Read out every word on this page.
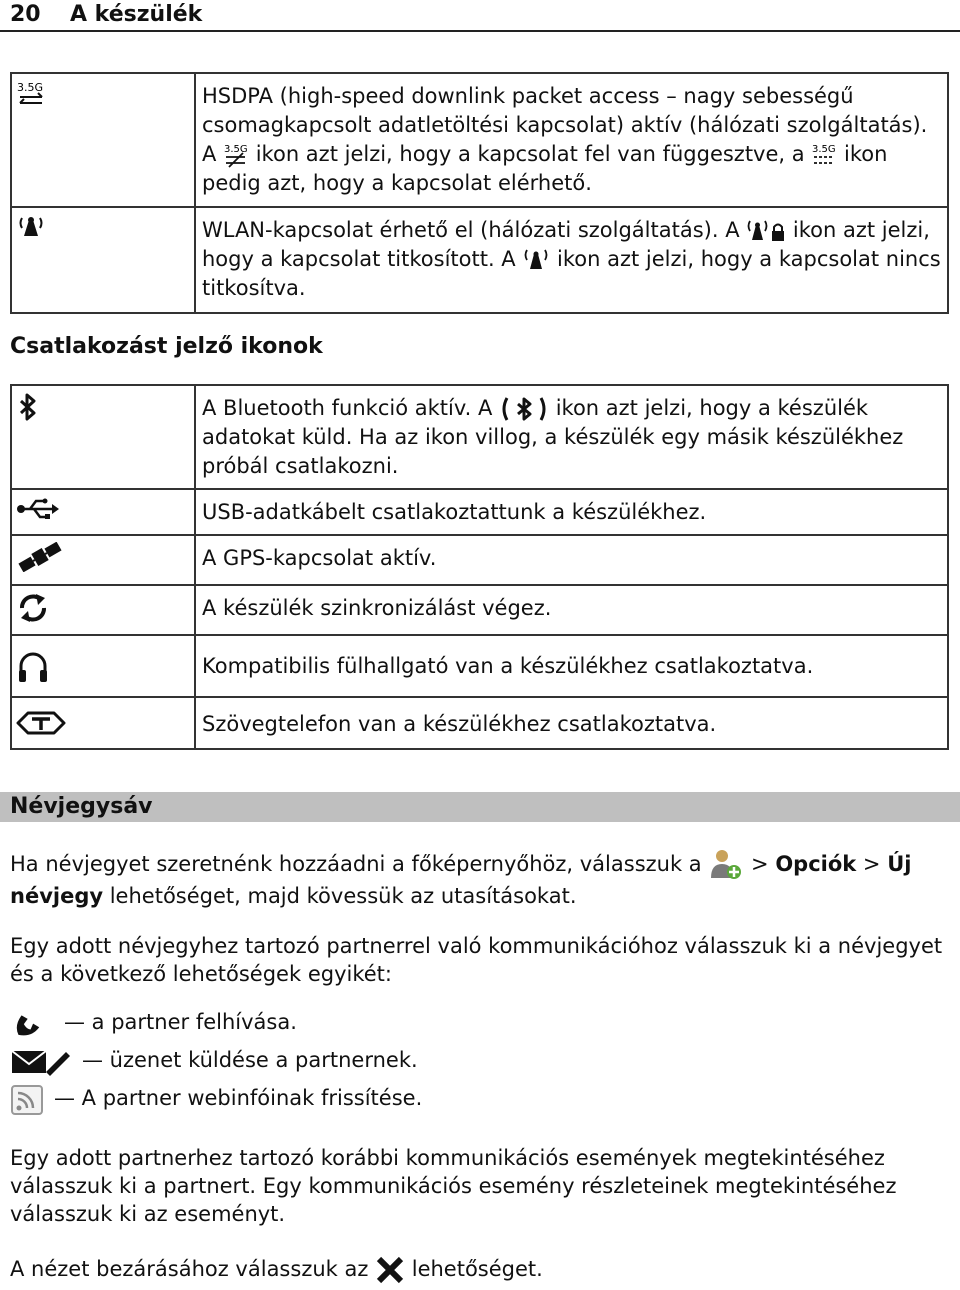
20 A készülék
3.5G	HSDPA (high-speed downlink packet access – nagy sebességű csomagkapcsolt adatletöltési kapcsolat) aktív (hálózati szolgáltatás). A 3.5G ikon azt jelzi, hogy a kapcsolat fel van függesztve, a 3.5G ikon pedig azt, hogy a kapcsolat elérhető.
	WLAN-kapcsolat érhető el (hálózati szolgáltatás). A  ikon azt jelzi, hogy a kapcsolat titkosított. A  ikon azt jelzi, hogy a kapcsolat nincs titkosítva.
Csatlakozást jelző ikonok
	A Bluetooth funkció aktív. A  ikon azt jelzi, hogy a készülék adatokat küld. Ha az ikon villog, a készülék egy másik készülékhez próbál csatlakozni.
	USB-adatkábelt csatlakoztattunk a készülékhez.
	A GPS-kapcsolat aktív.
	A készülék szinkronizálást végez.
	Kompatibilis fülhallgató van a készülékhez csatlakoztatva.
	Szövegtelefon van a készülékhez csatlakoztatva.
Névjegysáv
Ha névjegyet szeretnénk hozzáadni a főképernyőhöz, válasszuk a  > Opciók > Új névjegy lehetőséget, majd kövessük az utasításokat.
Egy adott névjegyhez tartozó partnerrel való kommunikációhoz válasszuk ki a névjegyet és a következő lehetőségek egyikét:
— a partner felhívása.
— üzenet küldése a partnernek.
— A partner webinfóinak frissítése.
Egy adott partnerhez tartozó korábbi kommunikációs események megtekintéséhez válasszuk ki a partnert. Egy kommunikációs esemény részleteinek megtekintéséhez válasszuk ki az eseményt.
A nézet bezárásához válasszuk az  lehetőséget.
